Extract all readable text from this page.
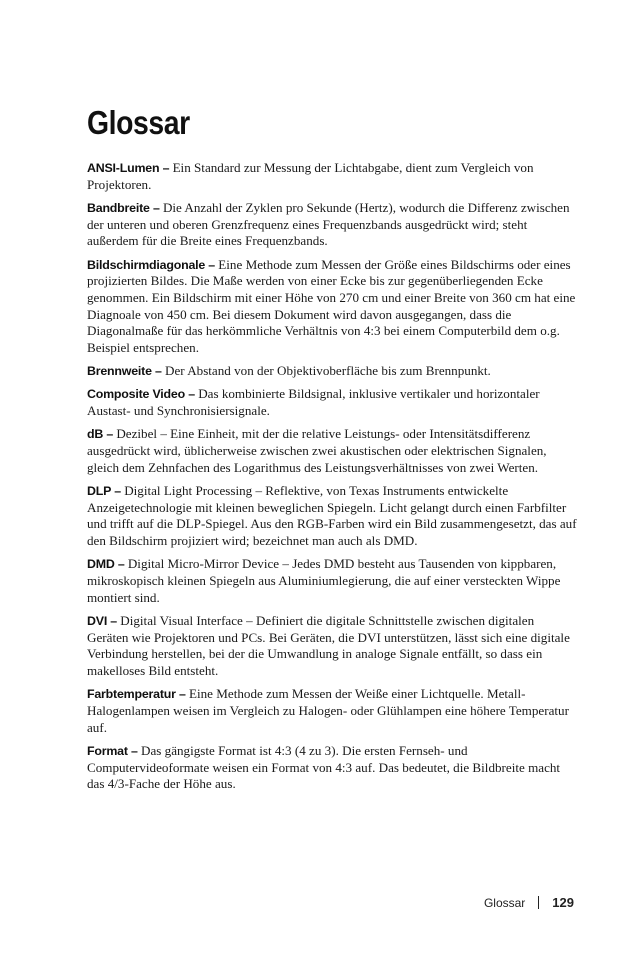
Glossar

ANSI-Lumen – Ein Standard zur Messung der Lichtabgabe, dient zum Vergleich von Projektoren.

Bandbreite – Die Anzahl der Zyklen pro Sekunde (Hertz), wodurch die Differenz zwischen der unteren und oberen Grenzfrequenz eines Frequenzbands ausgedrückt wird; steht außerdem für die Breite eines Frequenzbands.

Bildschirmdiagonale – Eine Methode zum Messen der Größe eines Bildschirms oder eines projizierten Bildes. Die Maße werden von einer Ecke bis zur gegenüberliegenden Ecke genommen. Ein Bildschirm mit einer Höhe von 270 cm und einer Breite von 360 cm hat eine Diagnoale von 450 cm. Bei diesem Dokument wird davon ausgegangen, dass die Diagonalmaße für das herkömmliche Verhältnis von 4:3 bei einem Computerbild dem o.g. Beispiel entsprechen.

Brennweite – Der Abstand von der Objektivoberfläche bis zum Brennpunkt.

Composite Video – Das kombinierte Bildsignal, inklusive vertikaler und horizontaler Austast- und Synchronisiersignale.

dB – Dezibel – Eine Einheit, mit der die relative Leistungs- oder Intensitätsdifferenz ausgedrückt wird, üblicherweise zwischen zwei akustischen oder elektrischen Signalen, gleich dem Zehnfachen des Logarithmus des Leistungsverhältnisses von zwei Werten.

DLP – Digital Light Processing – Reflektive, von Texas Instruments entwickelte Anzeigetechnologie mit kleinen beweglichen Spiegeln. Licht gelangt durch einen Farbfilter und trifft auf die DLP-Spiegel. Aus den RGB-Farben wird ein Bild zusammengesetzt, das auf den Bildschirm projiziert wird; bezeichnet man auch als DMD.

DMD – Digital Micro-Mirror Device – Jedes DMD besteht aus Tausenden von kippbaren, mikroskopisch kleinen Spiegeln aus Aluminiumlegierung, die auf einer versteckten Wippe montiert sind.

DVI – Digital Visual Interface – Definiert die digitale Schnittstelle zwischen digitalen Geräten wie Projektoren und PCs. Bei Geräten, die DVI unterstützen, lässt sich eine digitale Verbindung herstellen, bei der die Umwandlung in analoge Signale entfällt, so dass ein makelloses Bild entsteht.

Farbtemperatur – Eine Methode zum Messen der Weiße einer Lichtquelle. Metall-Halogenlampen weisen im Vergleich zu Halogen- oder Glühlampen eine höhere Temperatur auf.

Format – Das gängigste Format ist 4:3 (4 zu 3). Die ersten Fernseh- und Computervideoformate weisen ein Format von 4:3 auf. Das bedeutet, die Bildbreite macht das 4/3-Fache der Höhe aus.

Glossar 129
